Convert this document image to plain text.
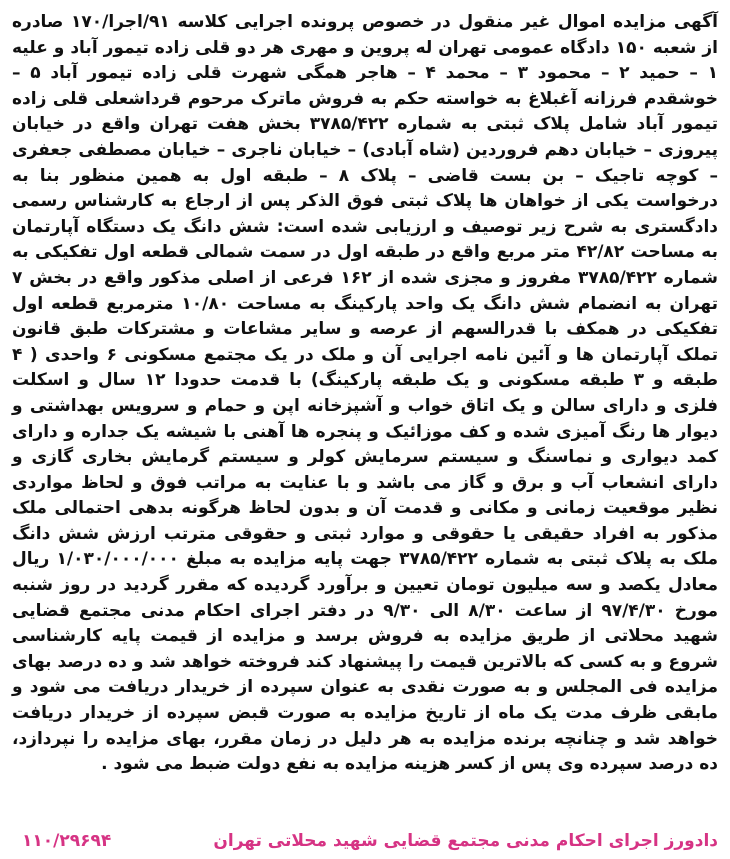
آگهی مزایده اموال غیر منقول در خصوص پرونده اجرایی کلاسه ۹۱/اجرا/۱۷۰ صادره از شعبه ۱۵۰ دادگاه عمومی تهران له پروین و مهری هر دو قلی زاده تیمور آباد و علیه ۱ – حمید ۲ – محمود ۳ – محمد ۴ – هاجر همگی شهرت قلی زاده تیمور آباد ۵ – خوشقدم فرزانه آغبلاغ به خواسته حکم به فروش ماترک مرحوم قرداشعلی قلی زاده تیمور آباد شامل پلاک ثبتی به شماره ۳۷۸۵/۴۲۲ بخش هفت تهران واقع در خیابان پیروزی – خیابان دهم فروردین (شاه آبادی) – خیابان ناجری – خیابان مصطفی جعفری – کوچه تاجیک – بن بست قاضی – پلاک ۸ – طبقه اول به همین منظور بنا به درخواست یکی از خواهان ها پلاک ثبتی فوق الذکر پس از ارجاع به کارشناس رسمی دادگستری به شرح زیر توصیف و ارزیابی شده است: شش دانگ یک دستگاه آپارتمان به مساحت ۴۲/۸۲ متر مربع واقع در طبقه اول در سمت شمالی قطعه اول تفکیکی به شماره ۳۷۸۵/۴۲۲ مفروز و مجزی شده از ۱۶۲ فرعی از اصلی مذکور واقع در بخش ۷ تهران به انضمام شش دانگ یک واحد پارکینگ به مساحت ۱۰/۸۰ مترمربع قطعه اول تفکیکی در همکف با قدرالسهم از عرصه و سایر مشاعات و مشترکات طبق قانون تملک آپارتمان ها و آئین نامه اجرایی آن و ملک در یک مجتمع مسکونی ۶ واحدی ( ۴ طبقه و ۳ طبقه مسکونی و یک طبقه پارکینگ) با قدمت حدودا ۱۲ سال و اسکلت فلزی و دارای سالن و یک اتاق خواب و آشپزخانه اپن و حمام و سرویس بهداشتی و دیوار ها رنگ آمیزی شده و کف موزائیک و پنجره ها آهنی با شیشه یک جداره و دارای کمد دیواری و نماسنگ و سیستم سرمایش کولر و سیستم گرمایش بخاری گازی و دارای انشعاب آب و برق و گاز می باشد و با عنایت به مراتب فوق و لحاظ مواردی نظیر موقعیت زمانی و مکانی و قدمت آن و بدون لحاظ هرگونه بدهی احتمالی ملک مذکور به افراد حقیقی یا حقوقی و موارد ثبتی و حقوقی مترتب ارزش شش دانگ ملک به پلاک ثبتی به شماره ۳۷۸۵/۴۲۲ جهت پایه مزایده به مبلغ ۱/۰۳۰/۰۰۰/۰۰۰ ریال معادل یکصد و سه میلیون تومان تعیین و برآورد گردیده که مقرر گردید در روز شنبه مورخ ۹۷/۴/۳۰ از ساعت ۸/۳۰ الی ۹/۳۰ در دفتر اجرای احکام مدنی مجتمع قضایی شهید محلاتی از طریق مزایده به فروش برسد و مزایده از قیمت پایه کارشناسی شروع و به کسی که بالاترین قیمت را پیشنهاد کند فروخته خواهد شد و ده درصد بهای مزایده فی المجلس و به صورت نقدی به عنوان سپرده از خریدار دریافت می شود و مابقی ظرف مدت یک ماه از تاریخ مزایده به صورت قبض سپرده از خریدار دریافت خواهد شد و چنانچه برنده مزایده به هر دلیل در زمان مقرر، بهای مزایده را نپردازد، ده درصد سپرده وی پس از کسر هزینه مزایده به نفع دولت ضبط می شود .

دادورز اجرای احکام مدنی مجتمع قضایی شهید محلاتی تهران
۱۱۰/۲۹۶۹۴
